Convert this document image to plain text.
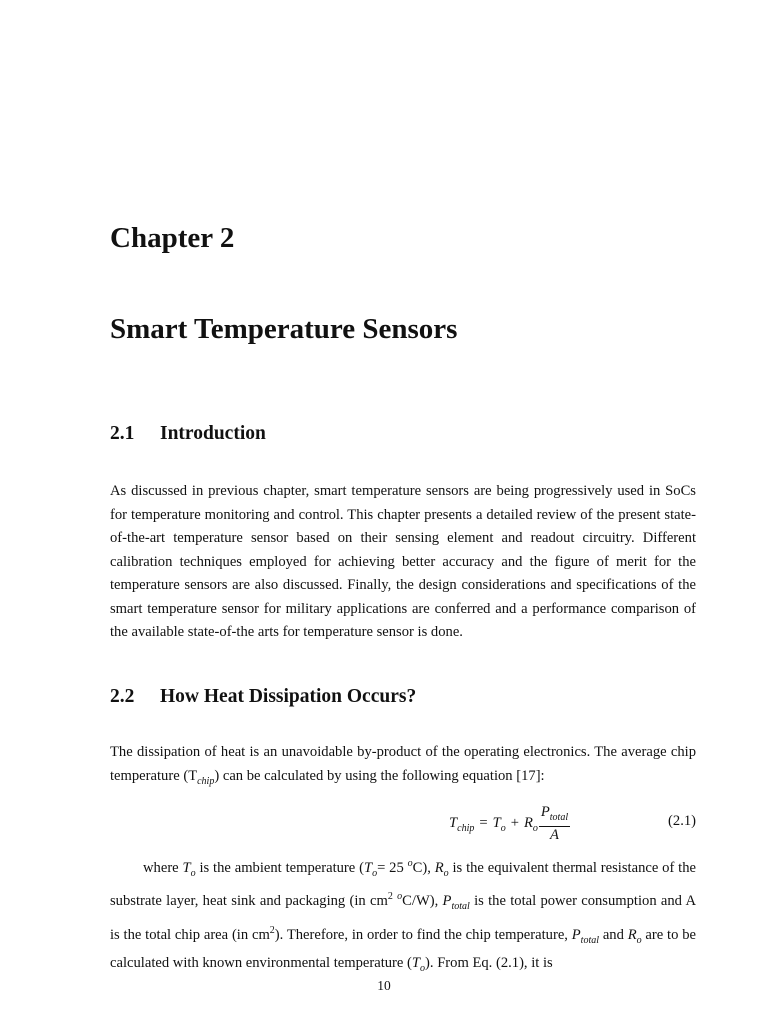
Chapter 2
Smart Temperature Sensors
2.1 Introduction

As discussed in previous chapter, smart temperature sensors are being progressively used in SoCs for temperature monitoring and control. This chapter presents a detailed review of the present state-of-the-art temperature sensor based on their sensing element and readout circuitry. Different calibration techniques employed for achieving better accuracy and the figure of merit for the temperature sensors are also discussed. Finally, the design considerations and specifications of the smart temperature sensor for military applications are conferred and a performance comparison of the available state-of-the arts for temperature sensor is done.

2.2 How Heat Dissipation Occurs?

The dissipation of heat is an unavoidable by-product of the operating electronics. The average chip temperature $(T_{chip})$ can be calculated by using the following equation [17]:

$T_{chip} = T_o + R_o \frac{P_{total}}{A}$	(2.1)

where $T_o$ is the ambient temperature ($T_o= 25$ $^o$C), $R_o$ is the equivalent thermal resistance of the substrate layer, heat sink and packaging (in $cm^2$ $^o$C/W), $P_{total}$ is the total power consumption and A is the total chip area (in $cm^2$). Therefore, in order to find the chip temperature, $P_{total}$ and $R_o$ are to be calculated with known environmental temperature $(T_o)$. From Eq. (2.1), it is

10
